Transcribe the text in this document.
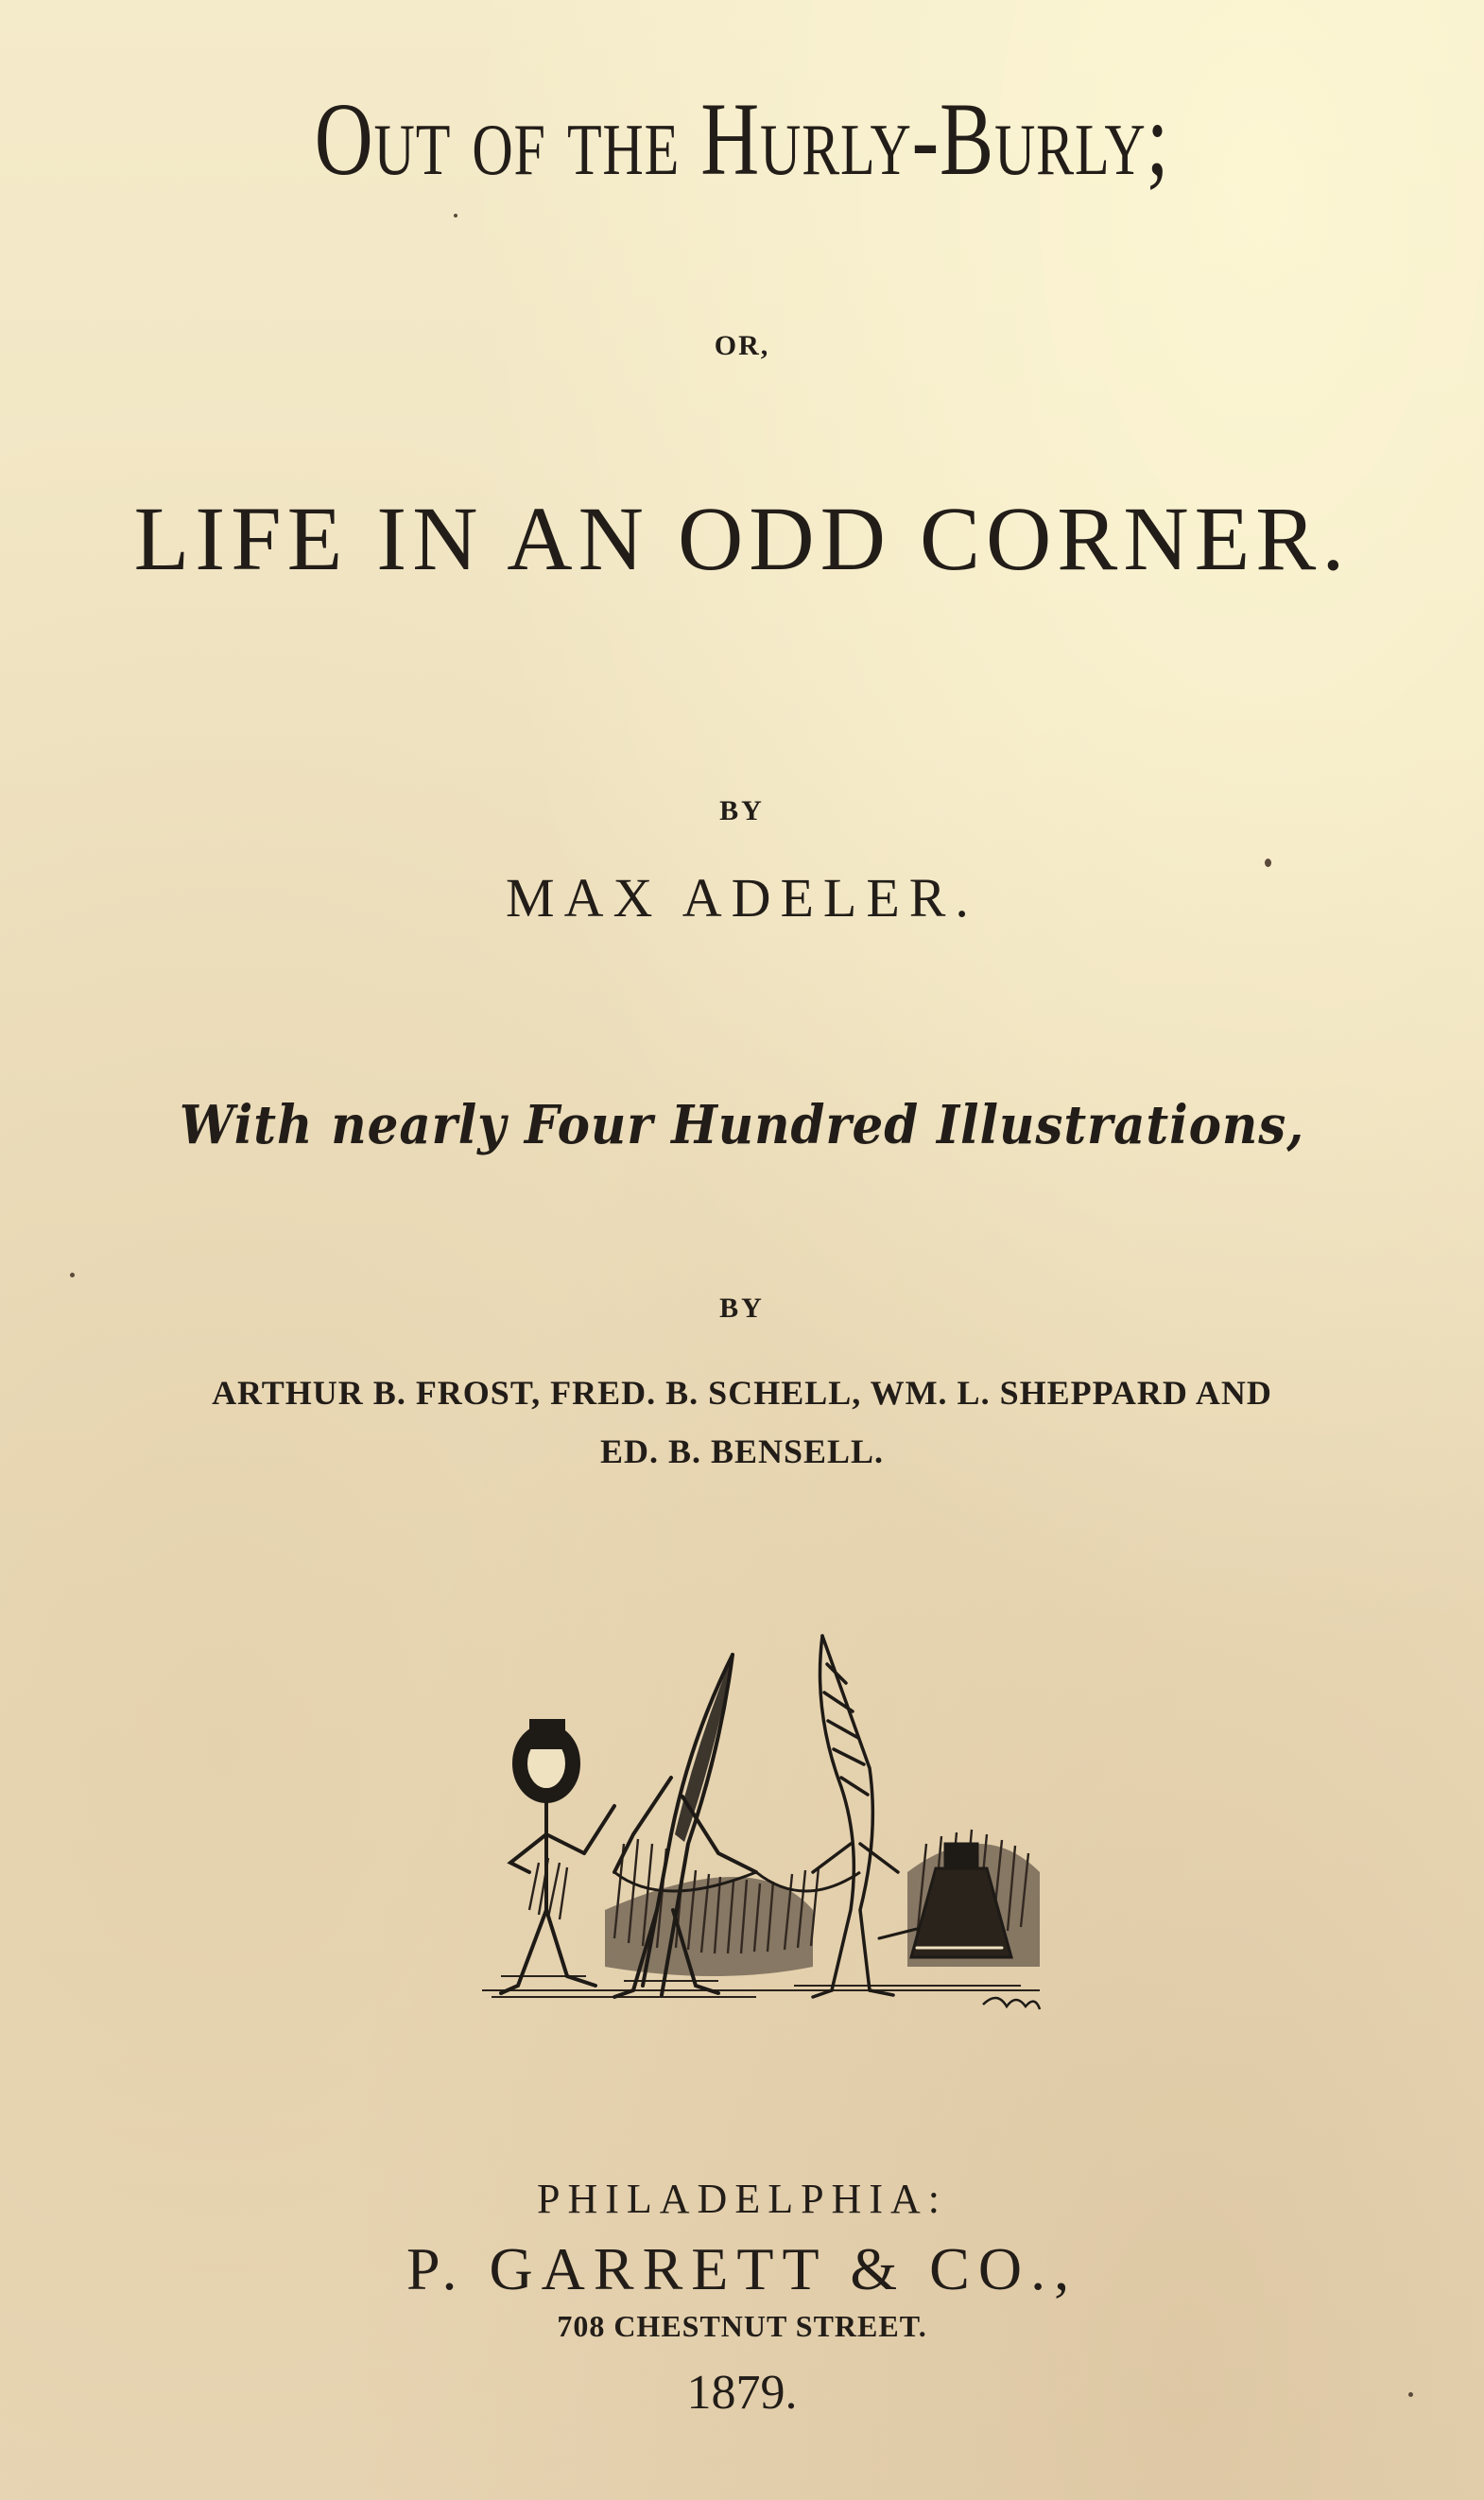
Out of the Hurly-Burly;
OR,
LIFE IN AN ODD CORNER.
BY
MAX ADELER.
With nearly Four Hundred Illustrations,
BY
ARTHUR B. FROST, FRED. B. SCHELL, WM. L. SHEPPARD AND
ED. B. BENSELL.
PHILADELPHIA:
P. GARRETT & CO.,
708 CHESTNUT STREET.
1879.
